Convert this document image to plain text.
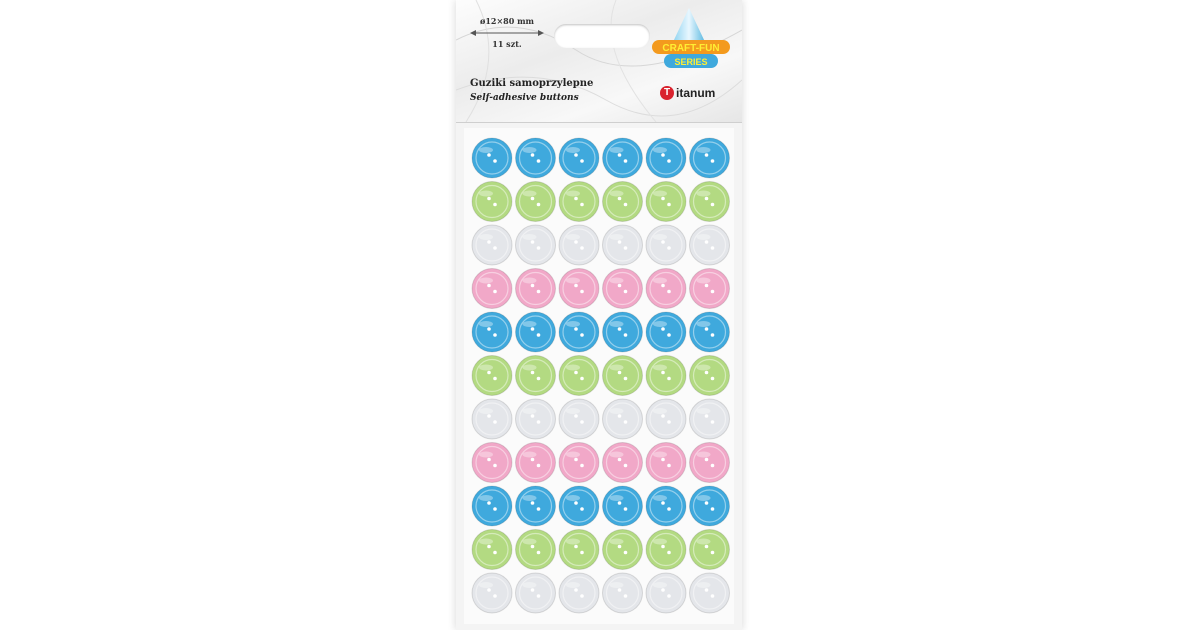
ø12×80 mm
11 szt.
Guziki samoprzylepne
Self-adhesive buttons
CRAFT-FUN
SERIES
T itanum
